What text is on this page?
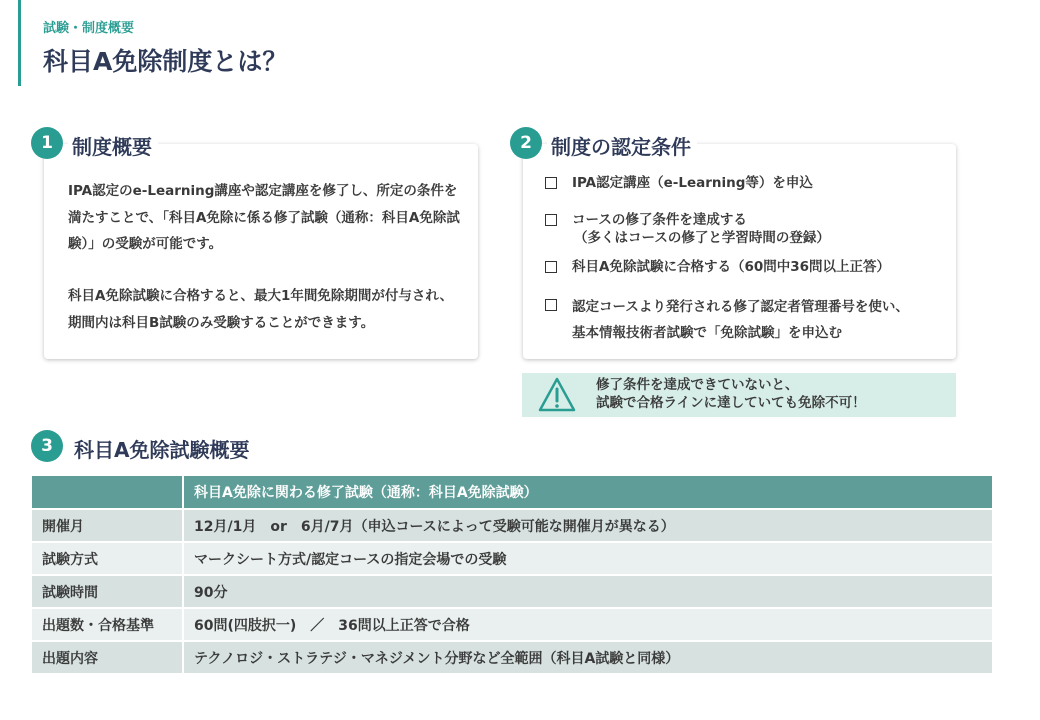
試験・制度概要
科目A免除制度とは？
1 制度概要
IPA認定のe-Learning講座や認定講座を修了し、所定の条件を満たすことで、「科目A免除に係る修了試験（通称：科目A免除試験）」の受験が可能です。
科目A免除試験に合格すると、最大1年間免除期間が付与され、期間内は科目B試験のみ受験することができます。
2 制度の認定条件
IPA認定講座（e-Learning等）を申込
コースの修了条件を達成する
（多くはコースの修了と学習時間の登録）
科目A免除試験に合格する（60問中36問以上正答）
認定コースより発行される修了認定者管理番号を使い、
基本情報技術者試験で「免除試験」を申込む
修了条件を達成できていないと、
試験で合格ラインに達していても免除不可！
3	科目A免除試験概要
	科目A免除に関わる修了試験（通称：科目A免除試験）
開催月	12月/1月　or　6月/7月（申込コースによって受験可能な開催月が異なる）
試験方式	マークシート方式/認定コースの指定会場での受験
試験時間	90分
出題数・合格基準	60問(四肢択一)　／　36問以上正答で合格
出題内容	テクノロジ・ストラテジ・マネジメント分野など全範囲（科目A試験と同様）
